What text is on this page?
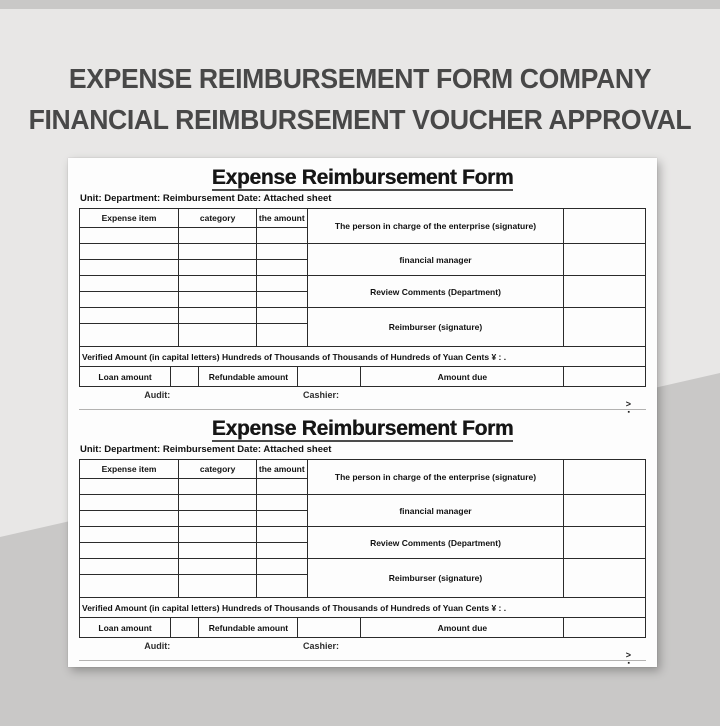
EXPENSE REIMBURSEMENT FORM COMPANY
FINANCIAL REIMBURSEMENT VOUCHER APPROVAL
Expense Reimbursement Form
Unit: Department: Reimbursement Date: Attached sheet
Expense item		category		the amount		The person in charge of the enterprise (signature)		

						financial manager		

						Review Comments (Department)		

						Reimburser (signature)		

Verified Amount (in capital letters) Hundreds of Thousands of Thousands of Hundreds of Yuan Cents ¥ : .								
Loan amount			Refundable amount				Amount due	
Audit:	Cashier:
>
▪
Expense Reimbursement Form
Unit: Department: Reimbursement Date: Attached sheet
Expense item		category		the amount		The person in charge of the enterprise (signature)		

						financial manager		

						Review Comments (Department)		

						Reimburser (signature)		

Verified Amount (in capital letters) Hundreds of Thousands of Thousands of Hundreds of Yuan Cents ¥ : .								
Loan amount			Refundable amount				Amount due	
Audit:	Cashier:
>
▪
